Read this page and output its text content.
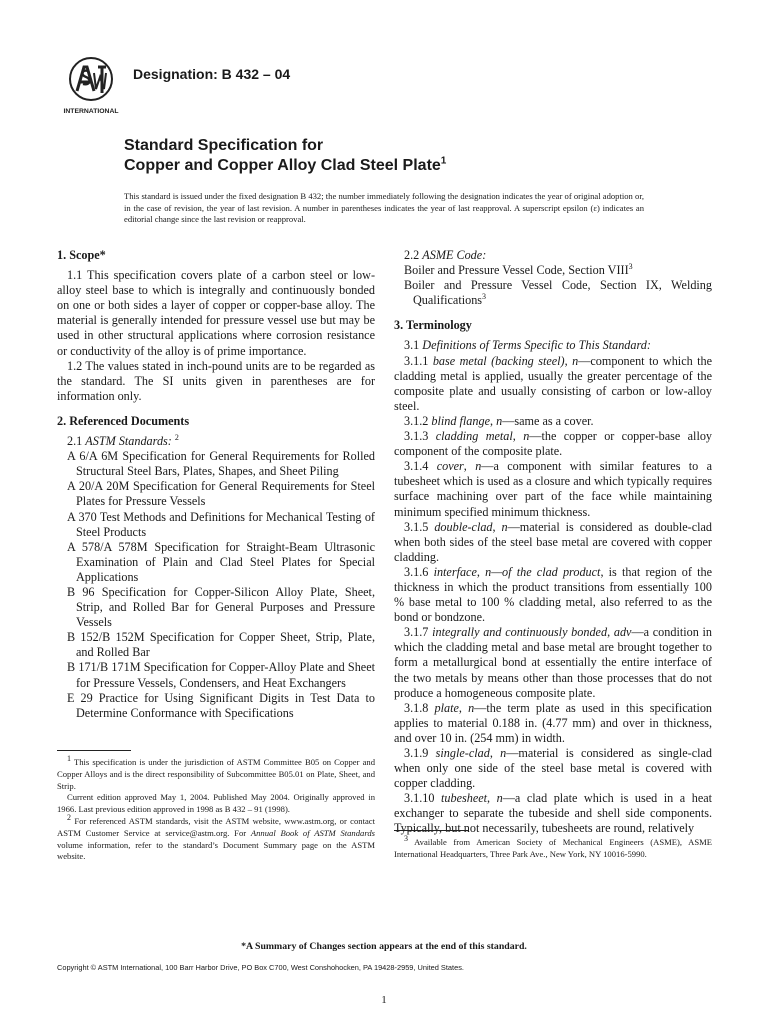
INTERNATIONAL
Designation: B 432 – 04
Standard Specification for
Copper and Copper Alloy Clad Steel Plate$^1$
This standard is issued under the fixed designation B 432; the number immediately following the designation indicates the year of original adoption or, in the case of revision, the year of last revision. A number in parentheses indicates the year of last reapproval. A superscript epsilon (ε) indicates an editorial change since the last revision or reapproval.

1. Scope*

1.1 This specification covers plate of a carbon steel or low-alloy steel base to which is integrally and continuously bonded on one or both sides a layer of copper or copper-base alloy. The material is generally intended for pressure vessel use but may be used in other structural applications where corrosion resistance or conductivity of the alloy is of prime importance.

1.2 The values stated in inch-pound units are to be regarded as the standard. The SI units given in parentheses are for information only.

2. Referenced Documents

2.1 ASTM Standards: $^2$

A 6/A 6M Specification for General Requirements for Rolled Structural Steel Bars, Plates, Shapes, and Sheet Piling
A 20/A 20M Specification for General Requirements for Steel Plates for Pressure Vessels
A 370 Test Methods and Definitions for Mechanical Testing of Steel Products
A 578/A 578M Specification for Straight-Beam Ultrasonic Examination of Plain and Clad Steel Plates for Special Applications
B 96 Specification for Copper-Silicon Alloy Plate, Sheet, Strip, and Rolled Bar for General Purposes and Pressure Vessels
B 152/B 152M Specification for Copper Sheet, Strip, Plate, and Rolled Bar
B 171/B 171M Specification for Copper-Alloy Plate and Sheet for Pressure Vessels, Condensers, and Heat Exchangers
E 29 Practice for Using Significant Digits in Test Data to Determine Conformance with Specifications

$^1$ This specification is under the jurisdiction of ASTM Committee B05 on Copper and Copper Alloys and is the direct responsibility of Subcommittee B05.01 on Plate, Sheet, and Strip.

Current edition approved May 1, 2004. Published May 2004. Originally approved in 1966. Last previous edition approved in 1998 as B 432 – 91 (1998).

$^2$ For referenced ASTM standards, visit the ASTM website, www.astm.org, or contact ASTM Customer Service at service@astm.org. For Annual Book of ASTM Standards volume information, refer to the standard’s Document Summary page on the ASTM website.

2.2 ASME Code:

Boiler and Pressure Vessel Code, Section VIII$^3$
Boiler and Pressure Vessel Code, Section IX, Welding Qualifications$^3$

3. Terminology

3.1 Definitions of Terms Specific to This Standard:

3.1.1 base metal (backing steel), n—component to which the cladding metal is applied, usually the greater percentage of the composite plate and usually consisting of carbon or low-alloy steel.

3.1.2 blind flange, n—same as a cover.

3.1.3 cladding metal, n—the copper or copper-base alloy component of the composite plate.

3.1.4 cover, n—a component with similar features to a tubesheet which is used as a closure and which typically requires surface machining over part of the face while maintaining minimum specified minimum thickness.

3.1.5 double-clad, n—material is considered as double-clad when both sides of the steel base metal are covered with copper cladding.

3.1.6 interface, n—of the clad product, is that region of the thickness in which the product transitions from essentially 100 % base metal to 100 % cladding metal, also referred to as the bond or bondzone.

3.1.7 integrally and continuously bonded, adv—a condition in which the cladding metal and base metal are brought together to form a metallurgical bond at essentially the entire interface of the two metals by means other than those processes that do not produce a homogeneous composite plate.

3.1.8 plate, n—the term plate as used in this specification applies to material 0.188 in. (4.77 mm) and over in thickness, and over 10 in. (254 mm) in width.

3.1.9 single-clad, n—material is considered as single-clad when only one side of the steel base metal is covered with copper cladding.

3.1.10 tubesheet, n—a clad plate which is used in a heat exchanger to separate the tubeside and shell side components. Typically, but not necessarily, tubesheets are round, relatively

$^3$ Available from American Society of Mechanical Engineers (ASME), ASME International Headquarters, Three Park Ave., New York, NY 10016-5990.

*A Summary of Changes section appears at the end of this standard.
Copyright © ASTM International, 100 Barr Harbor Drive, PO Box C700, West Conshohocken, PA 19428-2959, United States.
1
